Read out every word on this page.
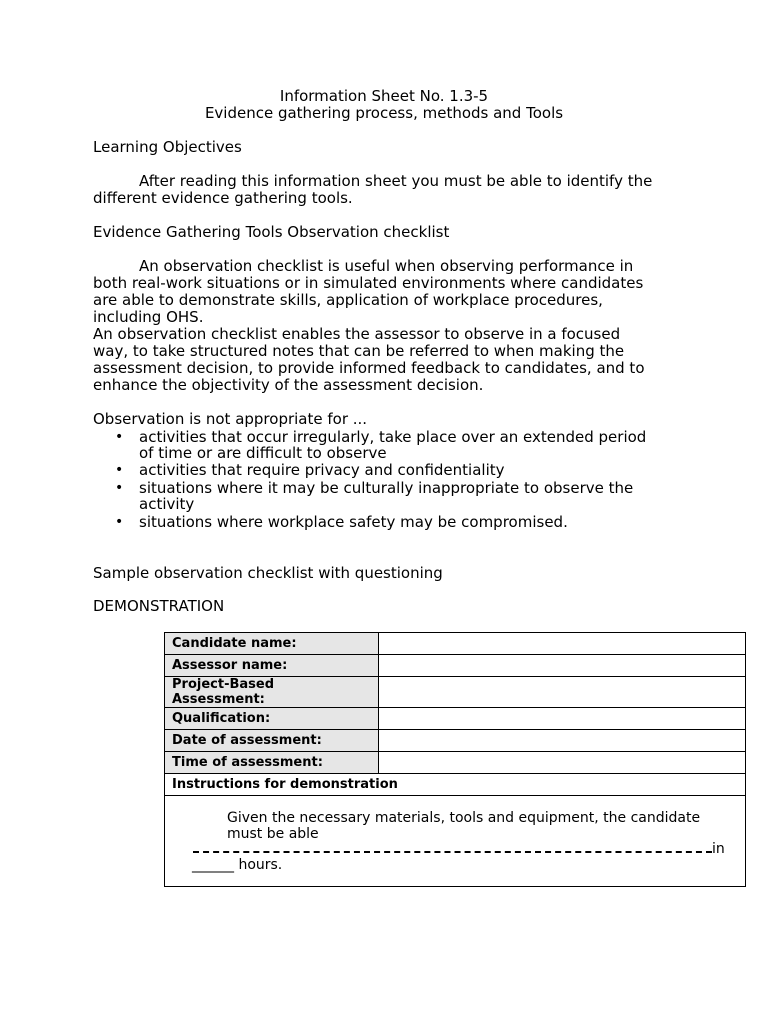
Information Sheet No. 1.3-5
Evidence gathering process, methods and Tools
Learning Objectives
After reading this information sheet you must be able to identify the
different evidence gathering tools.
Evidence Gathering Tools Observation checklist
An observation checklist is useful when observing performance in
both real-work situations or in simulated environments where candidates
are able to demonstrate skills, application of workplace procedures,
including OHS.
An observation checklist enables the assessor to observe in a focused
way, to take structured notes that can be referred to when making the
assessment decision, to provide informed feedback to candidates, and to
enhance the objectivity of the assessment decision.
Observation is not appropriate for ...
• activities that occur irregularly, take place over an extended period
of time or are difficult to observe
• activities that require privacy and confidentiality
• situations where it may be culturally inappropriate to observe the
activity
• situations where workplace safety may be compromised.
Sample observation checklist with questioning
DEMONSTRATION
Candidate name:	
Assessor name:	
Project-Based Assessment:	
Qualification:	
Date of assessment:	
Time of assessment:	
Instructions for demonstration	

Given the necessary materials, tools and equipment, the candidate
must be able
in
______ hours.	
